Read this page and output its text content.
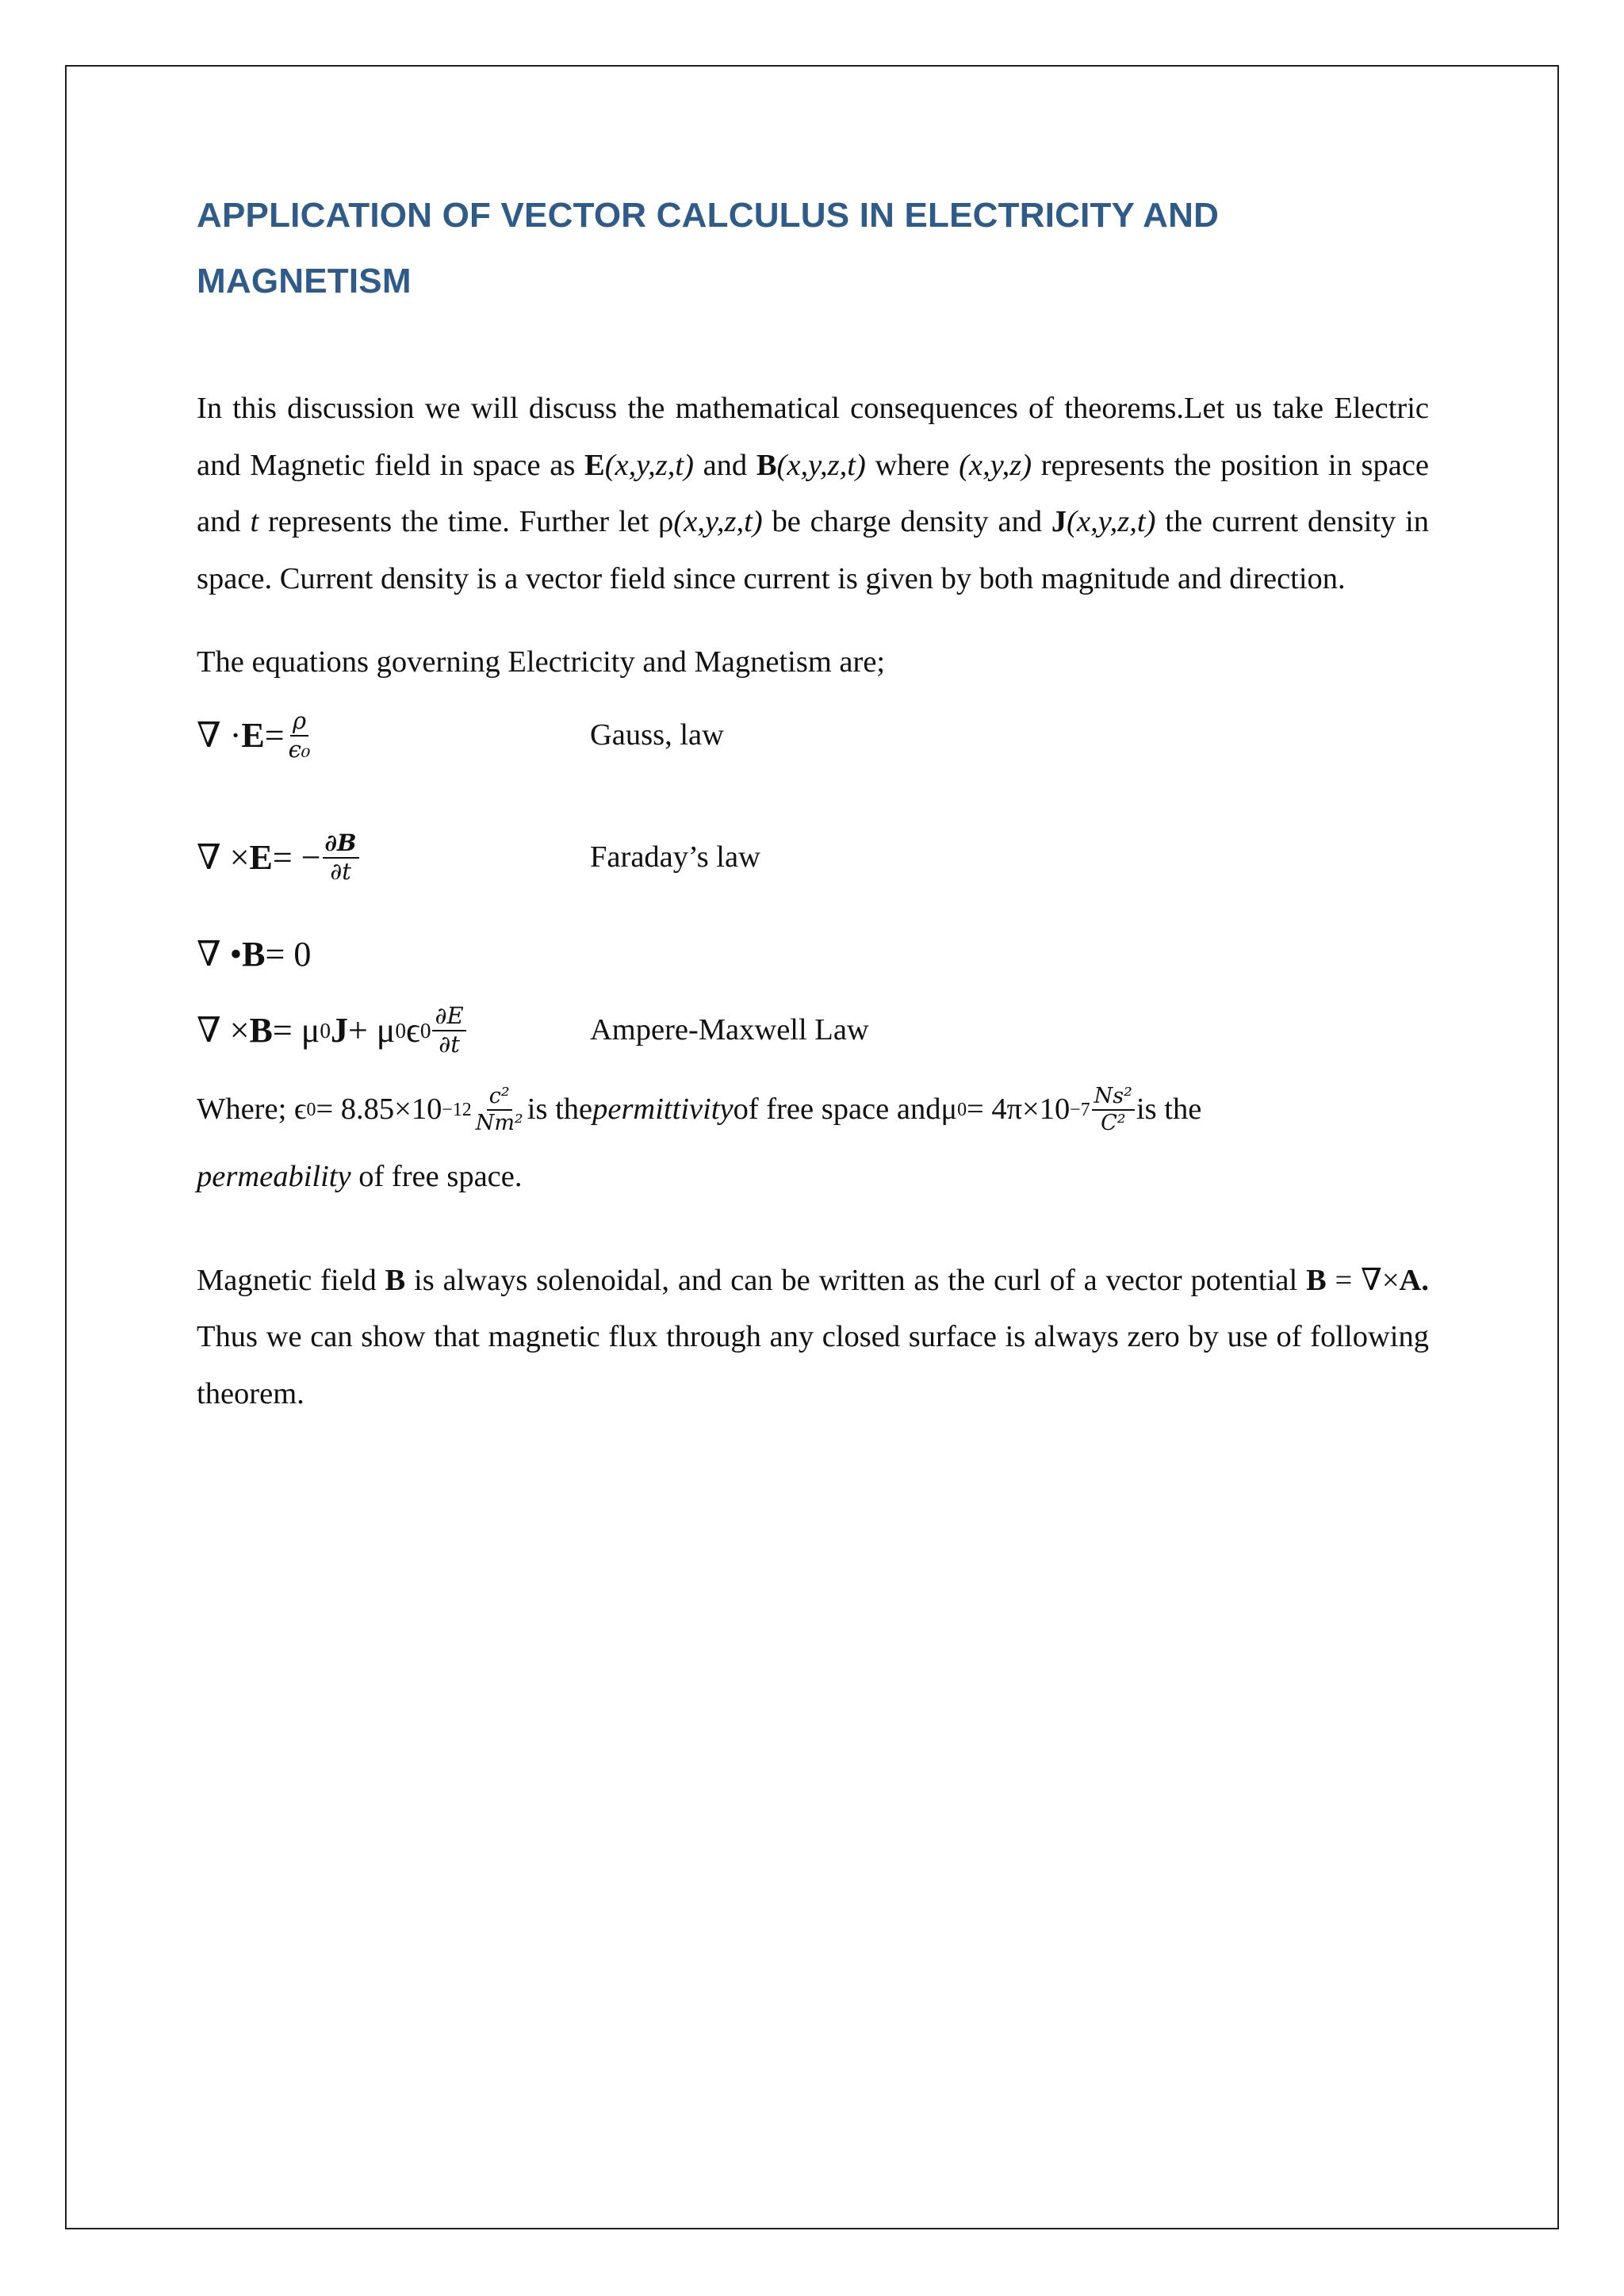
APPLICATION OF VECTOR CALCULUS IN ELECTRICITY AND
MAGNETISM

In this discussion we will discuss the mathematical consequences of theorems.Let us take Electric and Magnetic field in space as E(x,y,z,t) and B(x,y,z,t) where (x,y,z) represents the position in space and t represents the time. Further let ρ(x,y,z,t) be charge density and J(x,y,z,t) the current density in space. Current density is a vector field since current is given by both magnitude and direction.

The equations governing Electricity and Magnetism are;

∇ · $E = \frac{\rho}{\text{ϵ₀}}$	Gauss, law
∇ × E = − $\frac{\partial B}{\partial t}$	Faraday’s law
∇ • B = 0
∇ × B = μ 0 J + μ 0 ϵ $0 \frac{\partial E}{\partial t}$	Ampere-Maxwell Law
Where; ϵ $0 = 8.85\times 10 -12 \frac{\text{c²}}{\text{Nm²}}$ is the permittivity of free space andμ $0 = 4\pi\times 10 -7 \frac{\text{Ns²}}{\text{C²}}$ is the
permeability of free space.

Magnetic field B is always solenoidal, and can be written as the curl of a vector potential B = ∇×A. Thus we can show that magnetic flux through any closed surface is always zero by use of following theorem.
